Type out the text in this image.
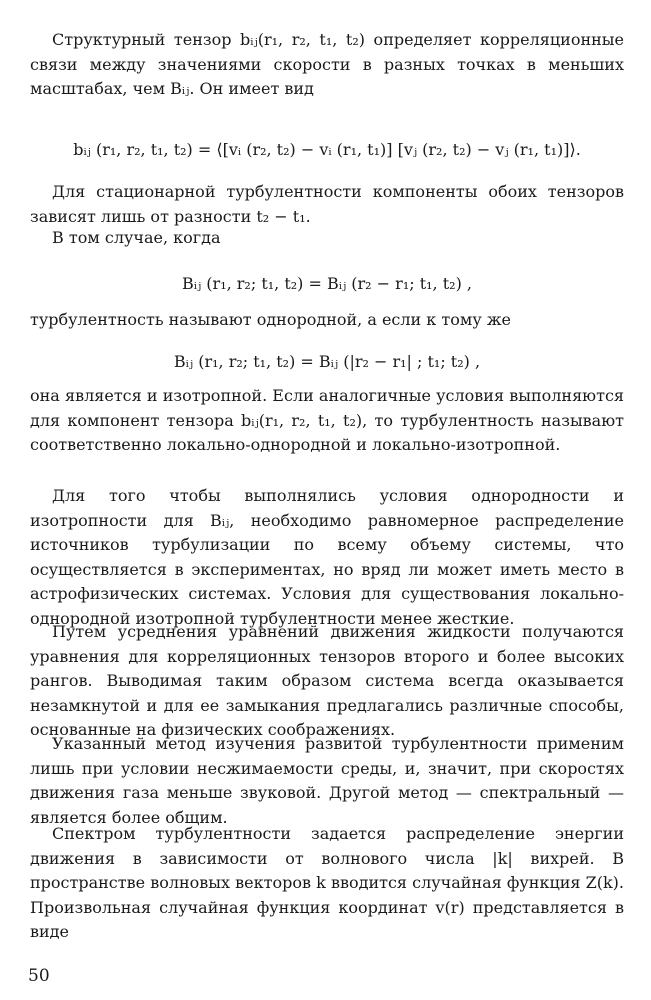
Структурный тензор bᵢⱼ(r₁, r₂, t₁, t₂) определяет корреляционные связи между значениями скорости в разных точках в меньших масштабах, чем Bᵢⱼ. Он имеет вид

bᵢⱼ (r₁, r₂, t₁, t₂) = ⟨[vᵢ (r₂, t₂) − vᵢ (r₁, t₁)] [vⱼ (r₂, t₂) − vⱼ (r₁, t₁)]⟩.

Для стационарной турбулентности компоненты обоих тензоров зависят лишь от разности t₂ − t₁.

В том случае, когда

Bᵢⱼ (r₁, r₂; t₁, t₂) = Bᵢⱼ (r₂ − r₁; t₁, t₂) ,

турбулентность называют однородной, а если к тому же

Bᵢⱼ (r₁, r₂; t₁, t₂) = Bᵢⱼ (|r₂ − r₁| ; t₁; t₂) ,

она является и изотропной. Если аналогичные условия выполняются для компонент тензора bᵢⱼ(r₁, r₂, t₁, t₂), то турбулентность называют соответственно локально-однородной и локально-изотропной.

Для того чтобы выполнялись условия однородности и изотропности для Bᵢⱼ, необходимо равномерное распределение источников турбулизации по всему объему системы, что осуществляется в экспериментах, но вряд ли может иметь место в астрофизических системах. Условия для существования локально-однородной изотропной турбулентности менее жесткие.

Путем усреднения уравнений движения жидкости получаются уравнения для корреляционных тензоров второго и более высоких рангов. Выводимая таким образом система всегда оказывается незамкнутой и для ее замыкания предлагались различные способы, основанные на физических соображениях.

Указанный метод изучения развитой турбулентности применим лишь при условии несжимаемости среды, и, значит, при скоростях движения газа меньше звуковой. Другой метод — спектральный — является более общим.

Спектром турбулентности задается распределение энергии движения в зависимости от волнового числа |k| вихрей. В пространстве волновых векторов k вводится случайная функция Z(k). Произвольная случайная функция координат v(r) представляется в виде

50
